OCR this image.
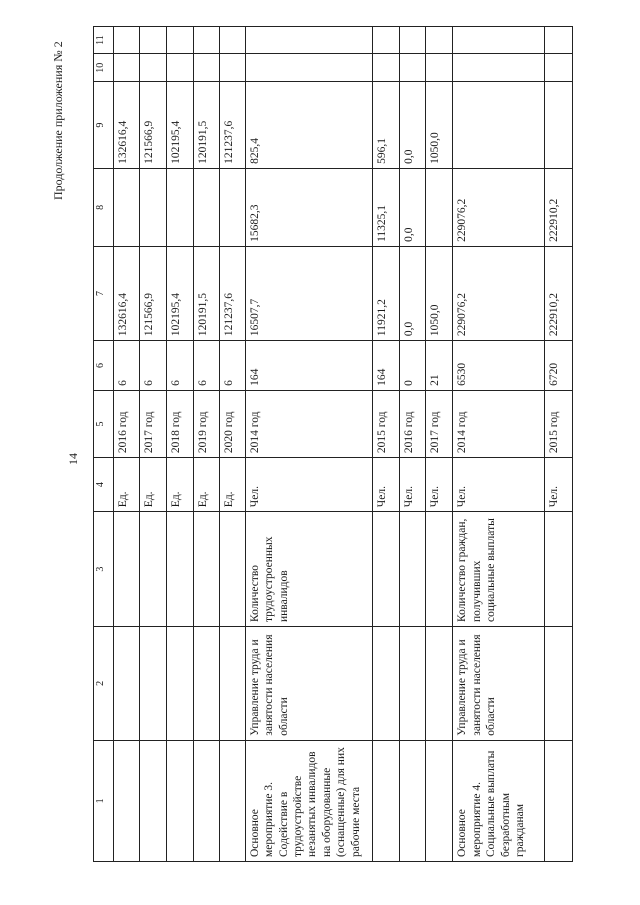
14
Продолжение приложения № 2
1	2	3	4	5	6	7	8	9	10	11
			Ед.	2016 год	6	132616,4		132616,4		
			Ед.	2017 год	6	121566,9		121566,9		
			Ед.	2018 год	6	102195,4		102195,4		
			Ед.	2019 год	6	120191,5		120191,5		
			Ед.	2020 год	6	121237,6		121237,6		
Основное мероприятие 3. Содействие в трудоустройстве незанятых инвалидов на оборудованные (оснащенные) для них рабочие места	Управление труда и занятости населения области	Количество трудоустроенных инвалидов	Чел.	2014 год	164	16507,7	15682,3	825,4		
			Чел.	2015 год	164	11921,2	11325,1	596,1		
			Чел.	2016 год	0	0,0	0,0	0,0		
			Чел.	2017 год	21	1050,0		1050,0		
Основное мероприятие 4. Социальные выплаты безработным гражданам	Управление труда и занятости населения области	Количество граждан, получивших социальные выплаты	Чел.	2014 год	6530	229076,2	229076,2			
			Чел.	2015 год	6720	222910,2	222910,2			
